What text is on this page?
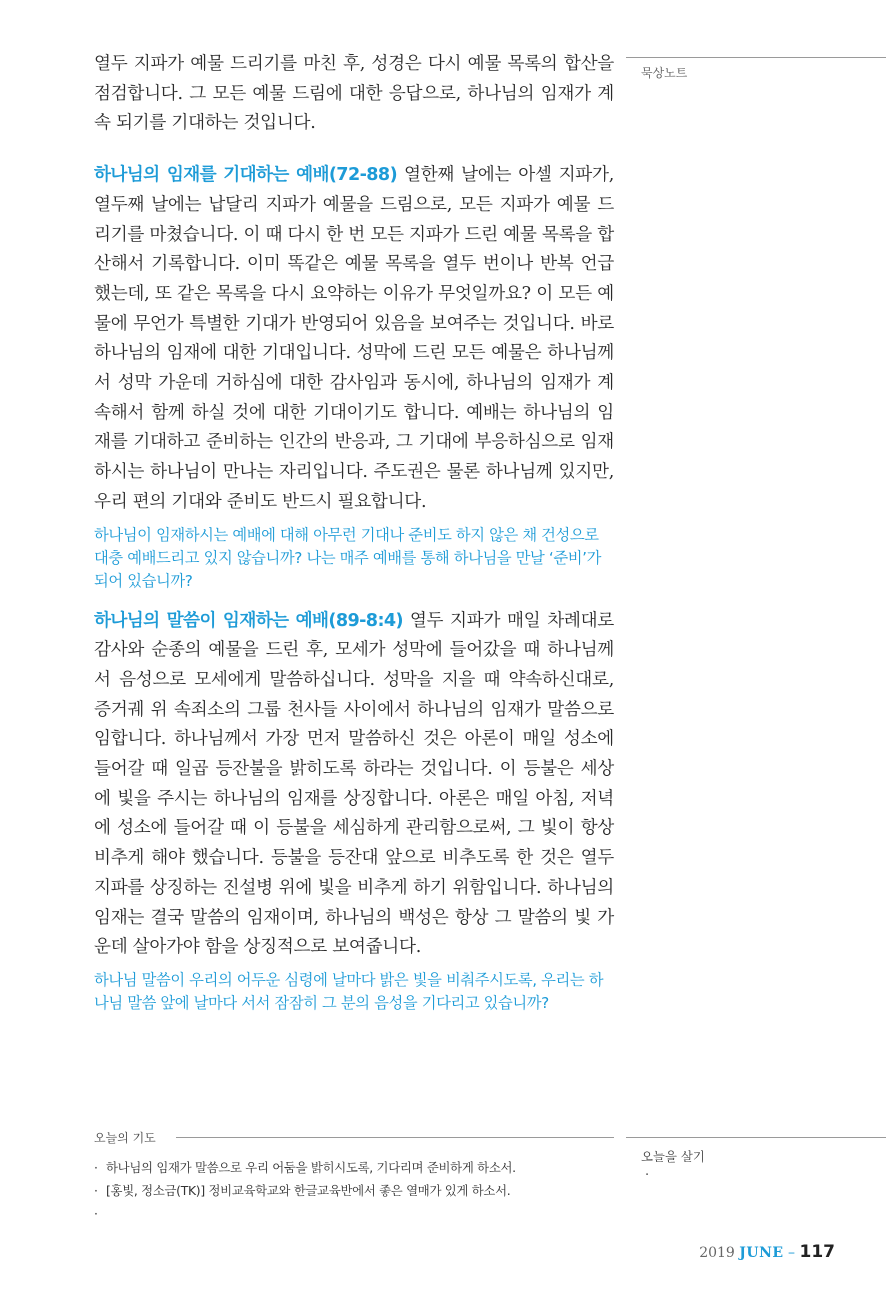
묵상노트

열두 지파가 예물 드리기를 마친 후, 성경은 다시 예물 목록의 합산을 점검합니다. 그 모든 예물 드림에 대한 응답으로, 하나님의 임재가 계속 되기를 기대하는 것입니다.

하나님의 임재를 기대하는 예배(72-88) 열한째 날에는 아셀 지파가, 열두째 날에는 납달리 지파가 예물을 드림으로, 모든 지파가 예물 드리기를 마쳤습니다. 이 때 다시 한 번 모든 지파가 드린 예물 목록을 합산해서 기록합니다. 이미 똑같은 예물 목록을 열두 번이나 반복 언급했는데, 또 같은 목록을 다시 요약하는 이유가 무엇일까요? 이 모든 예물에 무언가 특별한 기대가 반영되어 있음을 보여주는 것입니다. 바로 하나님의 임재에 대한 기대입니다. 성막에 드린 모든 예물은 하나님께서 성막 가운데 거하심에 대한 감사임과 동시에, 하나님의 임재가 계속해서 함께 하실 것에 대한 기대이기도 합니다. 예배는 하나님의 임재를 기대하고 준비하는 인간의 반응과, 그 기대에 부응하심으로 임재하시는 하나님이 만나는 자리입니다. 주도권은 물론 하나님께 있지만, 우리 편의 기대와 준비도 반드시 필요합니다.

하나님이 임재하시는 예배에 대해 아무런 기대나 준비도 하지 않은 채 건성으로 대충 예배드리고 있지 않습니까? 나는 매주 예배를 통해 하나님을 만날 ‘준비’가 되어 있습니까?

하나님의 말씀이 임재하는 예배(89-8:4) 열두 지파가 매일 차례대로 감사와 순종의 예물을 드린 후, 모세가 성막에 들어갔을 때 하나님께서 음성으로 모세에게 말씀하십니다. 성막을 지을 때 약속하신대로, 증거궤 위 속죄소의 그룹 천사들 사이에서 하나님의 임재가 말씀으로 임합니다. 하나님께서 가장 먼저 말씀하신 것은 아론이 매일 성소에 들어갈 때 일곱 등잔불을 밝히도록 하라는 것입니다. 이 등불은 세상에 빛을 주시는 하나님의 임재를 상징합니다. 아론은 매일 아침, 저녁에 성소에 들어갈 때 이 등불을 세심하게 관리함으로써, 그 빛이 항상 비추게 해야 했습니다. 등불을 등잔대 앞으로 비추도록 한 것은 열두 지파를 상징하는 진설병 위에 빛을 비추게 하기 위함입니다. 하나님의 임재는 결국 말씀의 임재이며, 하나님의 백성은 항상 그 말씀의 빛 가운데 살아가야 함을 상징적으로 보여줍니다.

하나님 말씀이 우리의 어두운 심령에 날마다 밝은 빛을 비춰주시도록, 우리는 하나님 말씀 앞에 날마다 서서 잠잠히 그 분의 음성을 기다리고 있습니까?

오늘의 기도
· 하나님의 임재가 말씀으로 우리 어둠을 밝히시도록, 기다리며 준비하게 하소서.
· [홍빛, 정소금(TK)] 정비교육학교와 한글교육반에서 좋은 열매가 있게 하소서.
·
오늘을 살기
·
2019 JUNE – 117
